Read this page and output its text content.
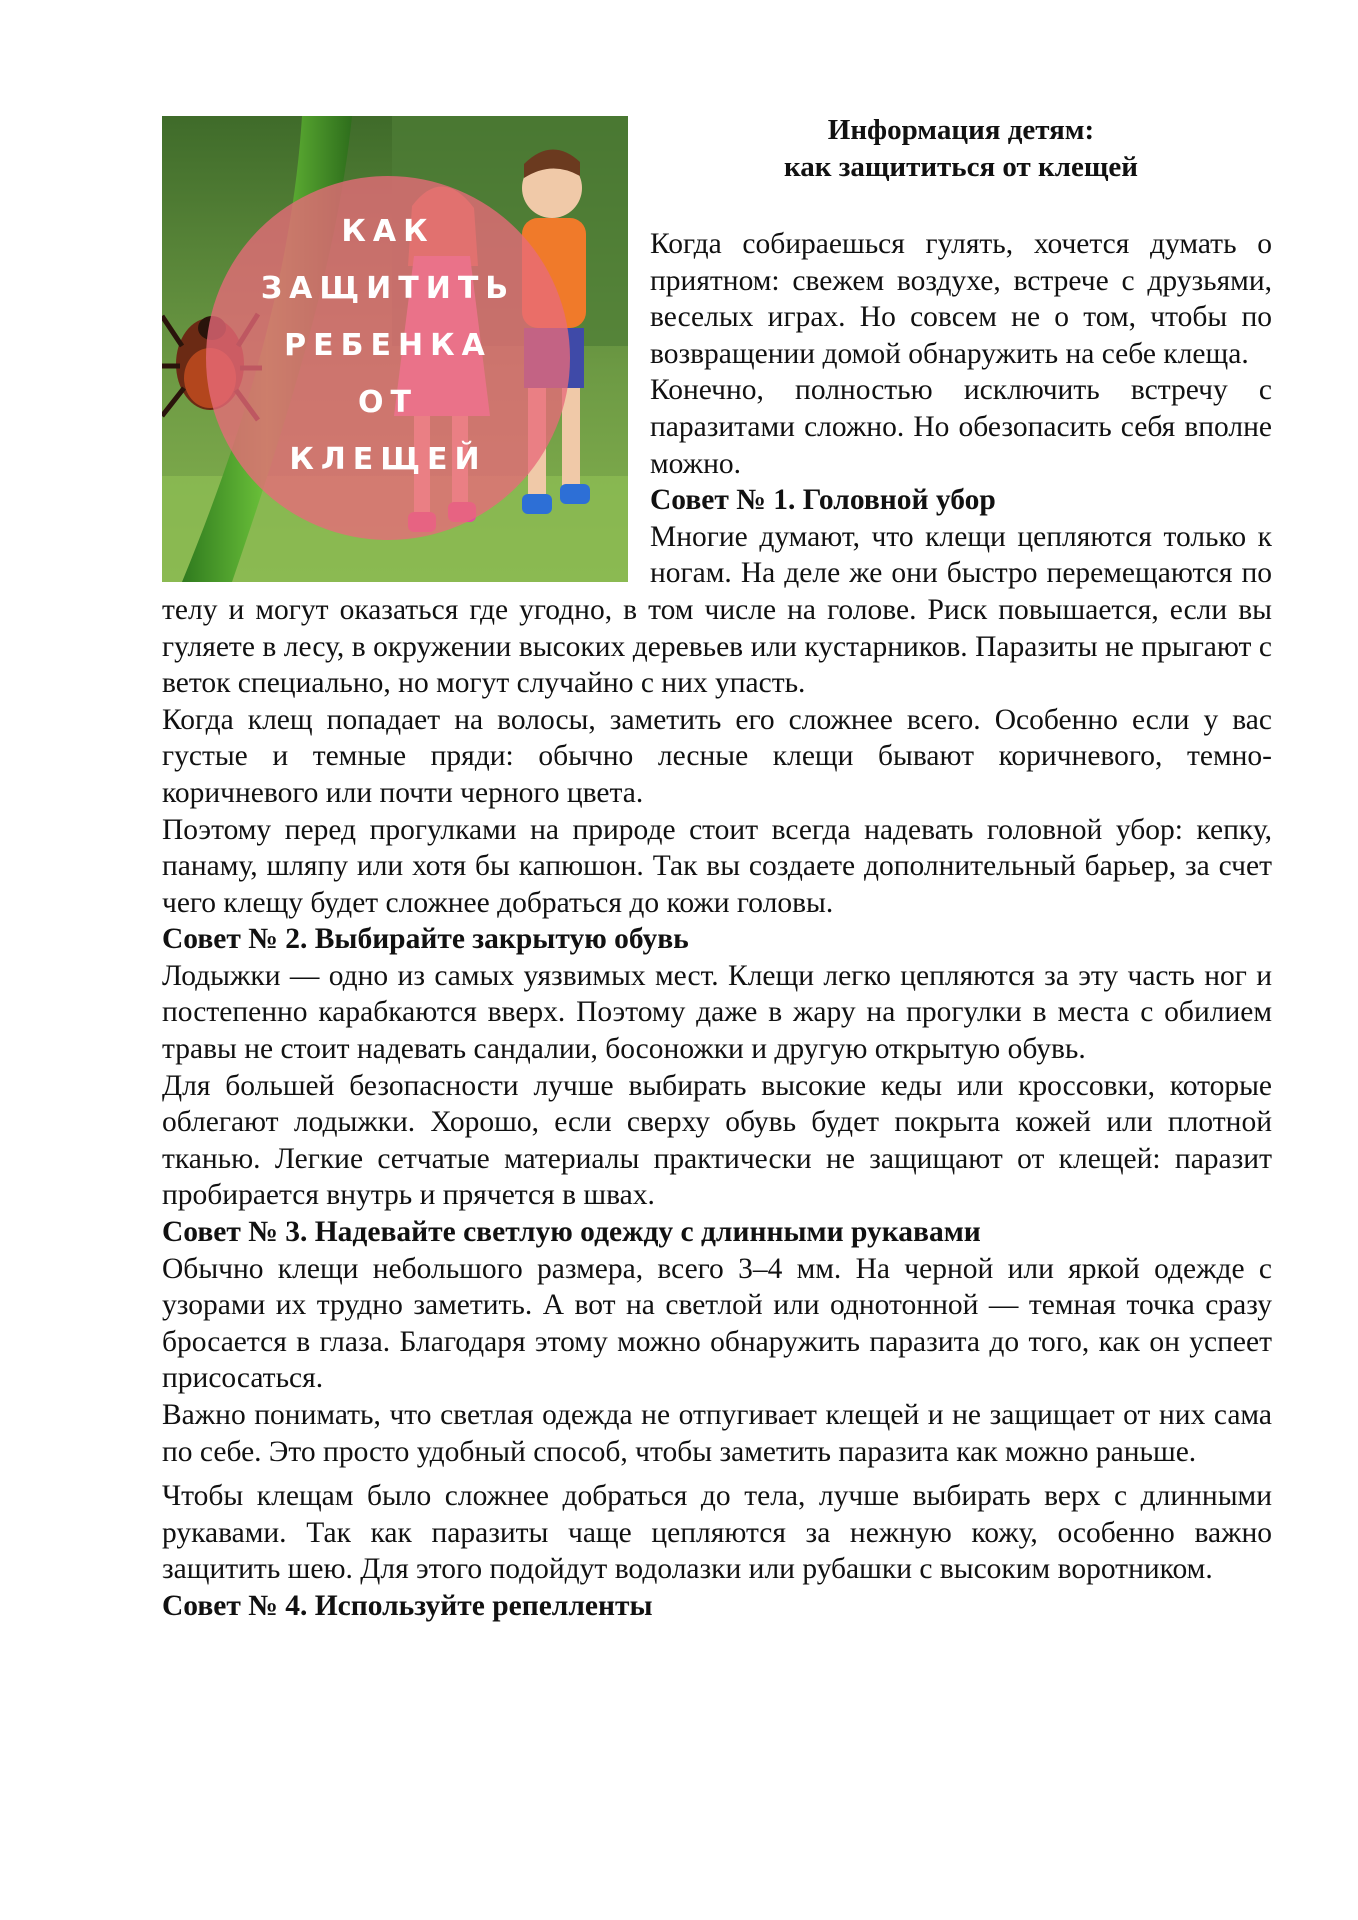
КАК
ЗАЩИТИТЬ
РЕБЕНКА
ОТ
КЛЕЩЕЙ
Информация детям:
как защититься от клещей

Когда собираешься гулять, хочется думать о приятном: свежем воздухе, встрече с друзьями, веселых играх. Но совсем не о том, чтобы по возвращении домой обнаружить на себе клеща.

Конечно, полностью исключить встречу с паразитами сложно. Но обезопасить себя вполне можно.

Совет № 1. Головной убор

Многие думают, что клещи цепляются только к ногам. На деле же они быстро перемещаются по телу и могут оказаться где угодно, в том числе на голове. Риск повышается, если вы гуляете в лесу, в окружении высоких деревьев или кустарников. Паразиты не прыгают с веток специально, но могут случайно с них упасть.

Когда клещ попадает на волосы, заметить его сложнее всего. Особенно если у вас густые и темные пряди: обычно лесные клещи бывают коричневого, темно-коричневого или почти черного цвета.

Поэтому перед прогулками на природе стоит всегда надевать головной убор: кепку, панаму, шляпу или хотя бы капюшон. Так вы создаете дополнительный барьер, за счет чего клещу будет сложнее добраться до кожи головы.

Совет № 2. Выбирайте закрытую обувь

Лодыжки — одно из самых уязвимых мест. Клещи легко цепляются за эту часть ног и постепенно карабкаются вверх. Поэтому даже в жару на прогулки в места с обилием травы не стоит надевать сандалии, босоножки и другую открытую обувь.

Для большей безопасности лучше выбирать высокие кеды или кроссовки, которые облегают лодыжки. Хорошо, если сверху обувь будет покрыта кожей или плотной тканью. Легкие сетчатые материалы практически не защищают от клещей: паразит пробирается внутрь и прячется в швах.

Совет № 3. Надевайте светлую одежду с длинными рукавами

Обычно клещи небольшого размера, всего 3–4 мм. На черной или яркой одежде с узорами их трудно заметить. А вот на светлой или однотонной — темная точка сразу бросается в глаза. Благодаря этому можно обнаружить паразита до того, как он успеет присосаться.

Важно понимать, что светлая одежда не отпугивает клещей и не защищает от них сама по себе. Это просто удобный способ, чтобы заметить паразита как можно раньше.

Чтобы клещам было сложнее добраться до тела, лучше выбирать верх с длинными рукавами. Так как паразиты чаще цепляются за нежную кожу, особенно важно защитить шею. Для этого подойдут водолазки или рубашки с высоким воротником.

Совет № 4. Используйте репелленты
